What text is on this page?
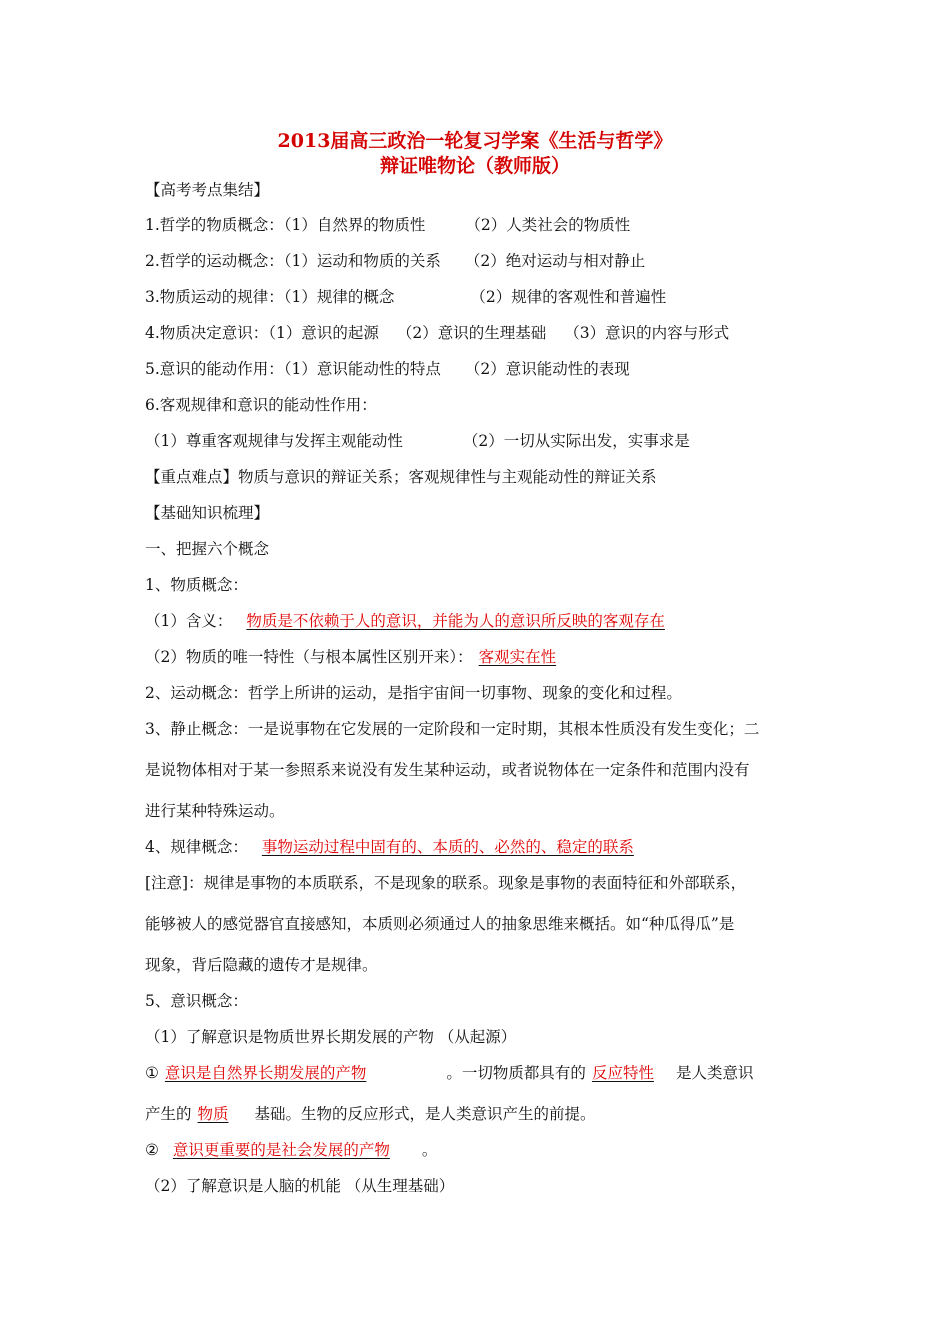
2013届高三政治一轮复习学案《生活与哲学》
辩证唯物论（教师版）
【高考考点集结】
1.哲学的物质概念：（1）自然界的物质性	（2）人类社会的物质性
2.哲学的运动概念：（1）运动和物质的关系 （2）绝对运动与相对静止
3.物质运动的规律：（1）规律的概念	（2）规律的客观性和普遍性
4.物质决定意识：（1）意识的起源 （2）意识的生理基础 （3）意识的内容与形式
5.意识的能动作用：（1）意识能动性的特点 （2）意识能动性的表现
6.客观规律和意识的能动性作用：
（1）尊重客观规律与发挥主观能动性	（2）一切从实际出发，实事求是
【重点难点】物质与意识的辩证关系；客观规律性与主观能动性的辩证关系
【基础知识梳理】
一、把握六个概念
1、物质概念：
（1）含义： 物质是不依赖于人的意识，并能为人的意识所反映的客观存在
（2）物质的唯一特性（与根本属性区别开来）： 客观实在性
2、运动概念：哲学上所讲的运动，是指宇宙间一切事物、现象的变化和过程。
3、静止概念：一是说事物在它发展的一定阶段和一定时期，其根本性质没有发生变化；二
是说物体相对于某一参照系来说没有发生某种运动，或者说物体在一定条件和范围内没有
进行某种特殊运动。
4、规律概念： 事物运动过程中固有的、本质的、必然的、稳定的联系
[注意]：规律是事物的本质联系，不是现象的联系。现象是事物的表面特征和外部联系，
能够被人的感觉器官直接感知，本质则必须通过人的抽象思维来概括。如“种瓜得瓜”是
现象，背后隐藏的遗传才是规律。
5、意识概念：
（1）了解意识是物质世界长期发展的产物 （从起源）
① 意识是自然界长期发展的产物	。一切物质都具有的 反应特性 是人类意识
产生的 物质 基础。生物的反应形式，是人类意识产生的前提。
② 意识更重要的是社会发展的产物 。
（2）了解意识是人脑的机能 （从生理基础）
